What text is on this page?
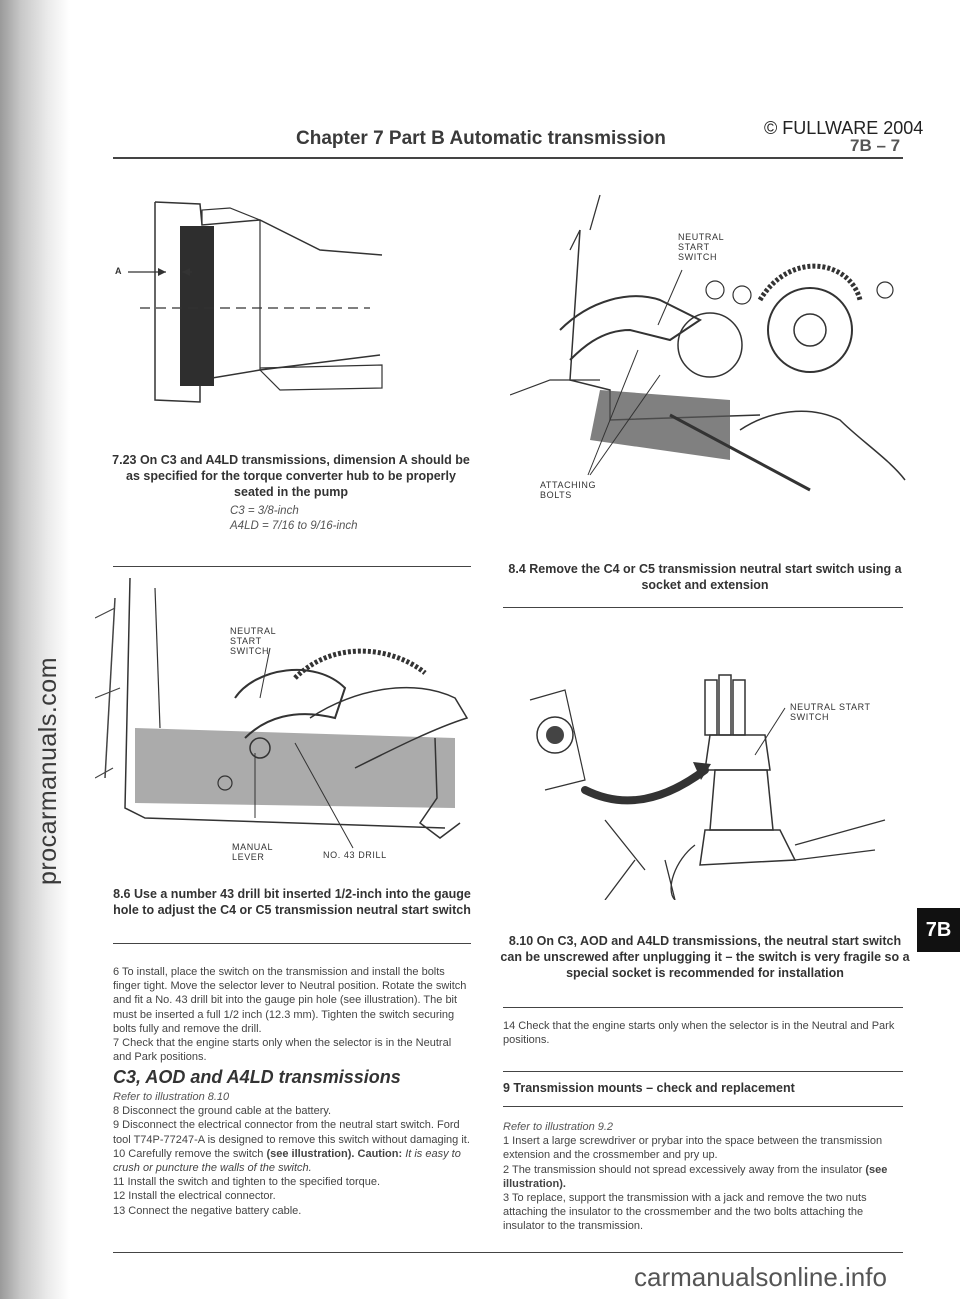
Chapter 7 Part B Automatic transmission	© FULLWARE 2004
7B – 7
A
7.23 On C3 and A4LD transmissions, dimension A should be as specified for the torque converter hub to be properly seated in the pump
C3 = 3/8-inch
A4LD = 7/16 to 9/16-inch
NEUTRAL START SWITCH
ATTACHING BOLTS
8.4 Remove the C4 or C5 transmission neutral start switch using a socket and extension
NEUTRAL START SWITCH
MANUAL LEVER	NO. 43 DRILL
8.6 Use a number 43 drill bit inserted 1/2-inch into the gauge hole to adjust the C4 or C5 transmission neutral start switch
NEUTRAL START SWITCH
8.10 On C3, AOD and A4LD transmissions, the neutral start switch can be unscrewed after unplugging it – the switch is very fragile so a special socket is recommended for installation

6 To install, place the switch on the transmission and install the bolts finger tight. Move the selector lever to Neutral position. Rotate the switch and fit a No. 43 drill bit into the gauge pin hole (see illustration). The bit must be inserted a full 1/2 inch (12.3 mm). Tighten the switch securing bolts fully and remove the drill.

7 Check that the engine starts only when the selector is in the Neutral and Park positions.

C3, AOD and A4LD transmissions

Refer to illustration 8.10

8 Disconnect the ground cable at the battery.

9 Disconnect the electrical connector from the neutral start switch. Ford tool T74P-77247-A is designed to remove this switch without damaging it.

10 Carefully remove the switch (see illustration). Caution: It is easy to crush or puncture the walls of the switch.

11 Install the switch and tighten to the specified torque.

12 Install the electrical connector.

13 Connect the negative battery cable.

14 Check that the engine starts only when the selector is in the Neutral and Park positions.

9 Transmission mounts – check and replacement

Refer to illustration 9.2

1 Insert a large screwdriver or prybar into the space between the transmission extension and the crossmember and pry up.

2 The transmission should not spread excessively away from the insulator (see illustration).

3 To replace, support the transmission with a jack and remove the two nuts attaching the insulator to the crossmember and the two bolts attaching the insulator to the transmission.

7B
procarmanuals.com
carmanualsonline.info
